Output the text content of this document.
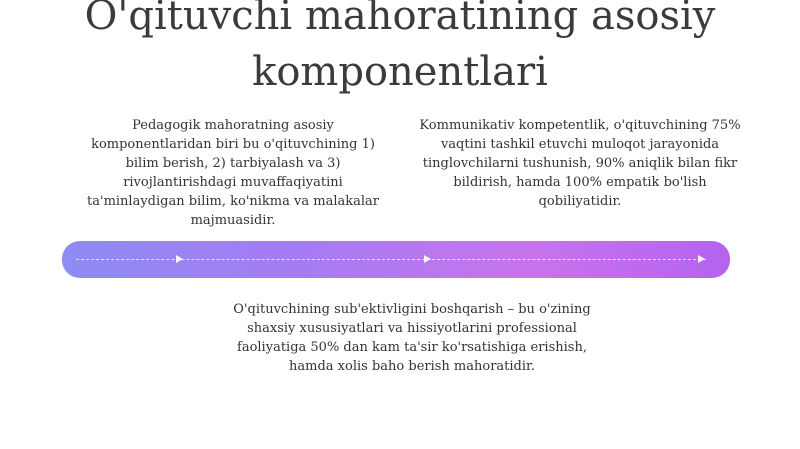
O'qituvchi mahoratining asosiy komponentlari

Pedagogik mahoratning asosiy komponentlaridan biri bu o'qituvchining 1) bilim berish, 2) tarbiyalash va 3) rivojlantirishdagi muvaffaqiyatini ta'minlaydigan bilim, ko'nikma va malakalar majmuasidir.

Kommunikativ kompetentlik, o'qituvchining 75% vaqtini tashkil etuvchi muloqot jarayonida tinglovchilarni tushunish, 90% aniqlik bilan fikr bildirish, hamda 100% empatik bo'lish qobiliyatidir.

O'qituvchining sub'ektivligini boshqarish – bu o'zining shaxsiy xususiyatlari va hissiyotlarini professional faoliyatiga 50% dan kam ta'sir ko'rsatishiga erishish, hamda xolis baho berish mahoratidir.
